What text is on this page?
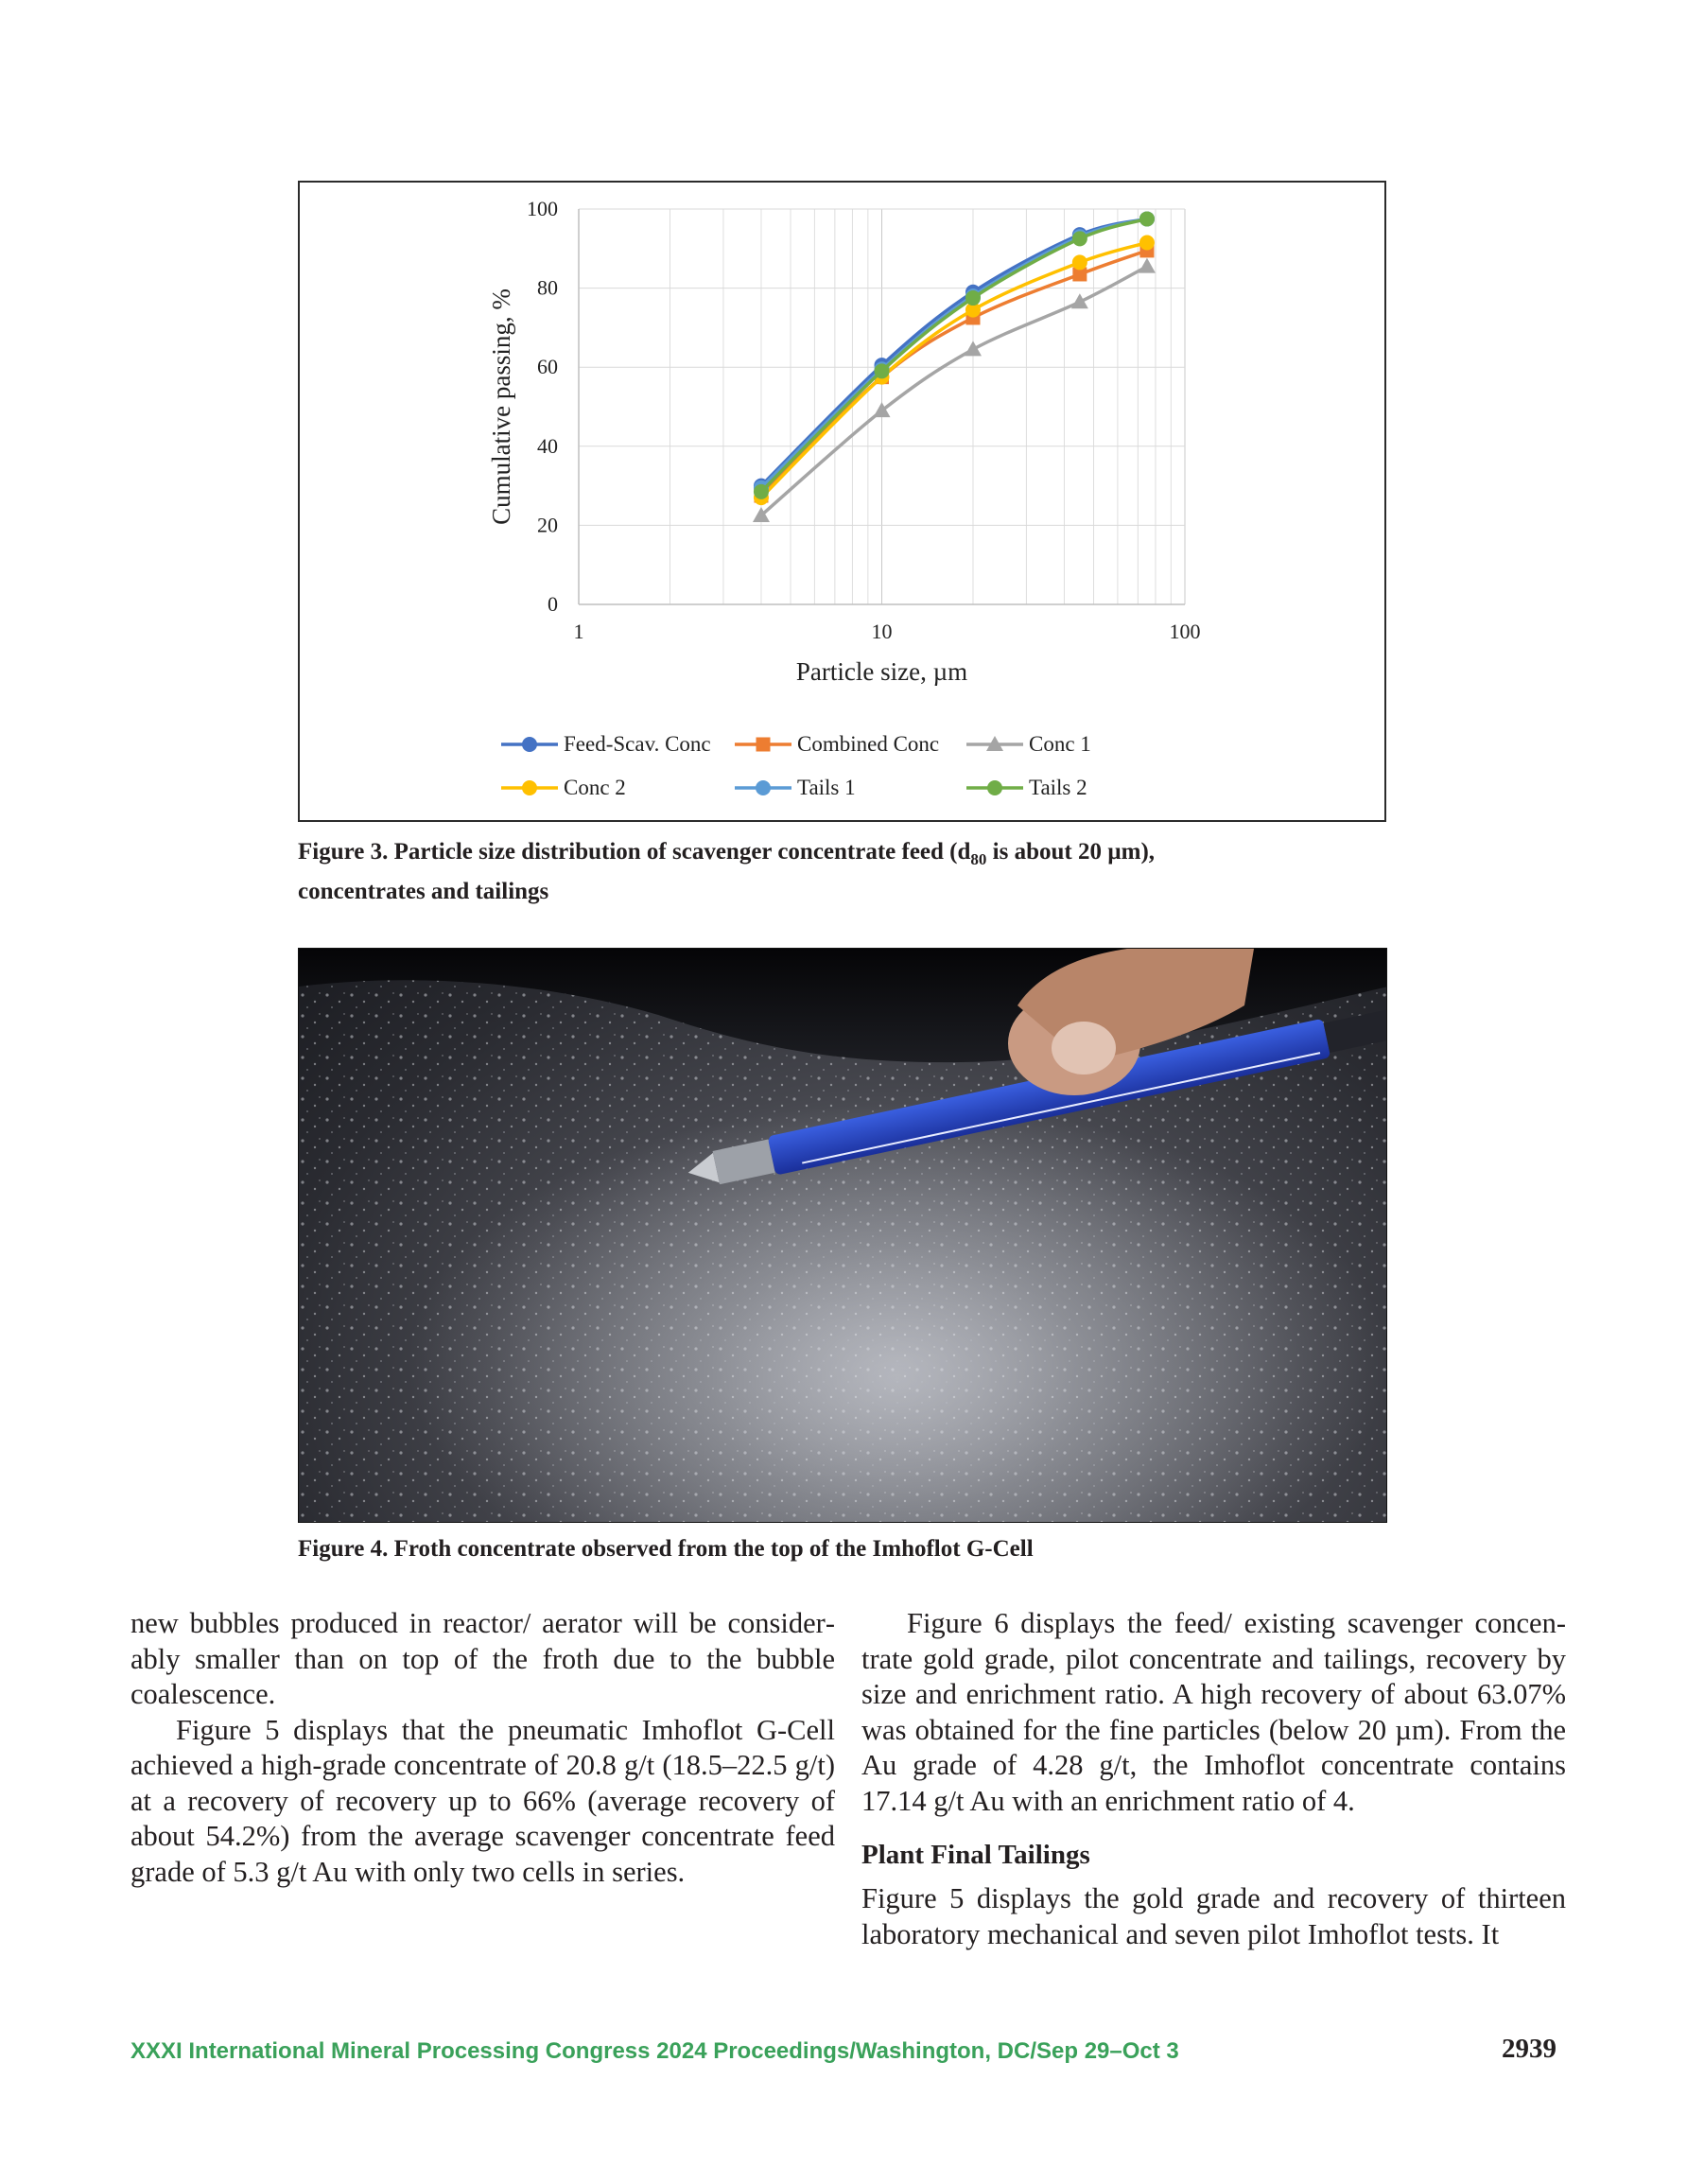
0
20
40
60
80
100
1	10	100
Particle size, µm
Cumulative passing, %
Feed-Scav. Conc	Combined Conc	Conc 1
Conc 2	Tails 1	Tails 2
Figure 3. Particle size distribution of scavenger concentrate feed ($d_{80}$ is about 20 µm),
concentrates and tailings
Figure 4. Froth concentrate observed from the top of the Imhoflot G-Cell

new bubbles produced in reactor/ aerator will be considerably smaller than on top of the froth due to the bubble coalescence.

Figure 5 displays that the pneumatic Imhoflot G-Cell achieved a high-grade concentrate of 20.8 g/t (18.5–22.5 g/t) at a recovery of recovery up to 66% (average recovery of about 54.2%) from the average scavenger concentrate feed grade of 5.3 g/t Au with only two cells in series.

Figure 6 displays the feed/ existing scavenger concentrate gold grade, pilot concentrate and tailings, recovery by size and enrichment ratio. A high recovery of about 63.07% was obtained for the fine particles (below 20 µm). From the Au grade of 4.28 g/t, the Imhoflot concentrate contains 17.14 g/t Au with an enrichment ratio of 4.

Plant Final Tailings

Figure 5 displays the gold grade and recovery of thirteen laboratory mechanical and seven pilot Imhoflot tests. It

XXXI International Mineral Processing Congress 2024 Proceedings/Washington, DC/Sep 29–Oct 3	2939
